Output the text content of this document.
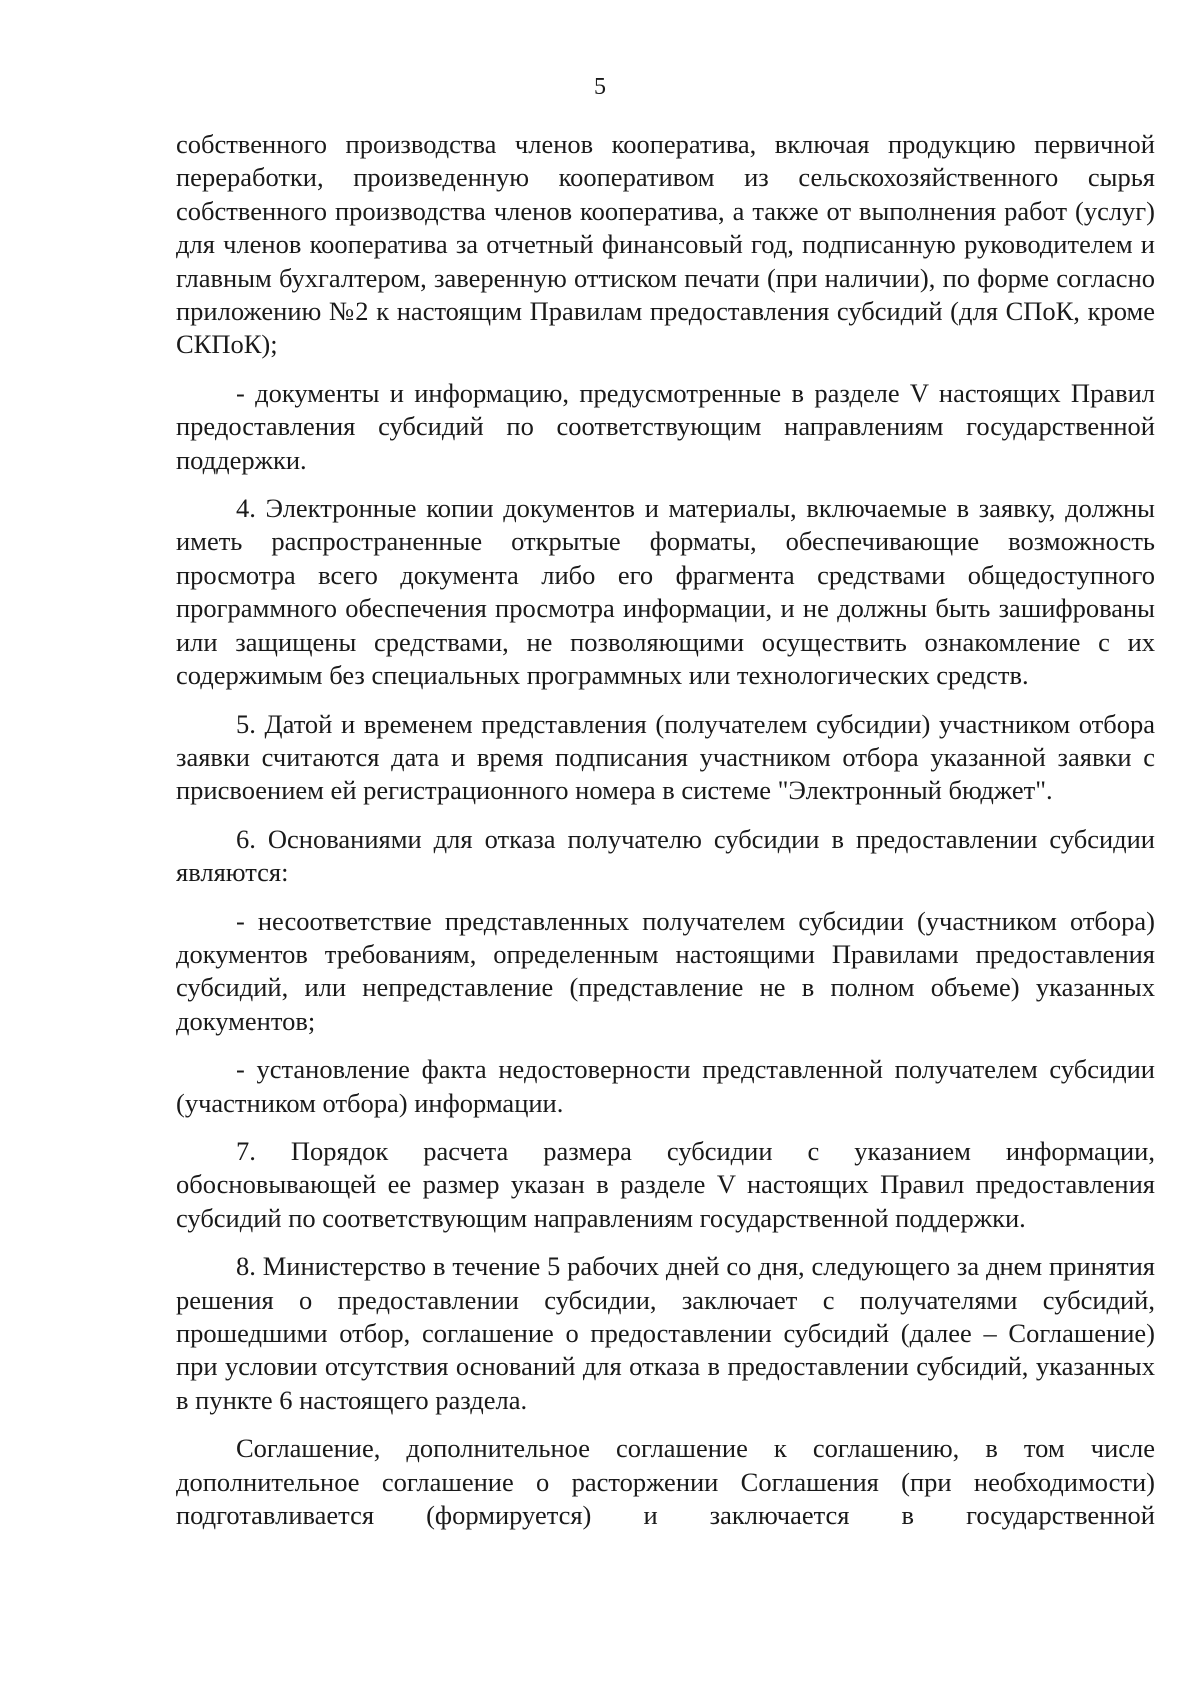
5

собственного производства членов кооператива, включая продукцию первичной переработки, произведенную кооперативом из сельскохозяйственного сырья собственного производства членов кооператива, а также от выполнения работ (услуг) для членов кооператива за отчетный финансовый год, подписанную руководителем и главным бухгалтером, заверенную оттиском печати (при наличии), по форме согласно приложению №2 к настоящим Правилам предоставления субсидий (для СПоК, кроме СКПоК);

- документы и информацию, предусмотренные в разделе V настоящих Правил предоставления субсидий по соответствующим направлениям государственной поддержки.

4. Электронные копии документов и материалы, включаемые в заявку, должны иметь распространенные открытые форматы, обеспечивающие возможность просмотра всего документа либо его фрагмента средствами общедоступного программного обеспечения просмотра информации, и не должны быть зашифрованы или защищены средствами, не позволяющими осуществить ознакомление с их содержимым без специальных программных или технологических средств.

5. Датой и временем представления (получателем субсидии) участником отбора заявки считаются дата и время подписания участником отбора указанной заявки с присвоением ей регистрационного номера в системе "Электронный бюджет".

6. Основаниями для отказа получателю субсидии в предоставлении субсидии являются:

- несоответствие представленных получателем субсидии (участником отбора) документов требованиям, определенным настоящими Правилами предоставления субсидий, или непредставление (представление не в полном объеме) указанных документов;

- установление факта недостоверности представленной получателем субсидии (участником отбора) информации.

7. Порядок расчета размера субсидии с указанием информации, обосновывающей ее размер указан в разделе V настоящих Правил предоставления субсидий по соответствующим направлениям государственной поддержки.

8. Министерство в течение 5 рабочих дней со дня, следующего за днем принятия решения о предоставлении субсидии, заключает с получателями субсидий, прошедшими отбор, соглашение о предоставлении субсидий (далее – Соглашение) при условии отсутствия оснований для отказа в предоставлении субсидий, указанных в пункте 6 настоящего раздела.

Соглашение, дополнительное соглашение к соглашению, в том числе дополнительное соглашение о расторжении Соглашения (при необходимости) подготавливается (формируется) и заключается в государственной
